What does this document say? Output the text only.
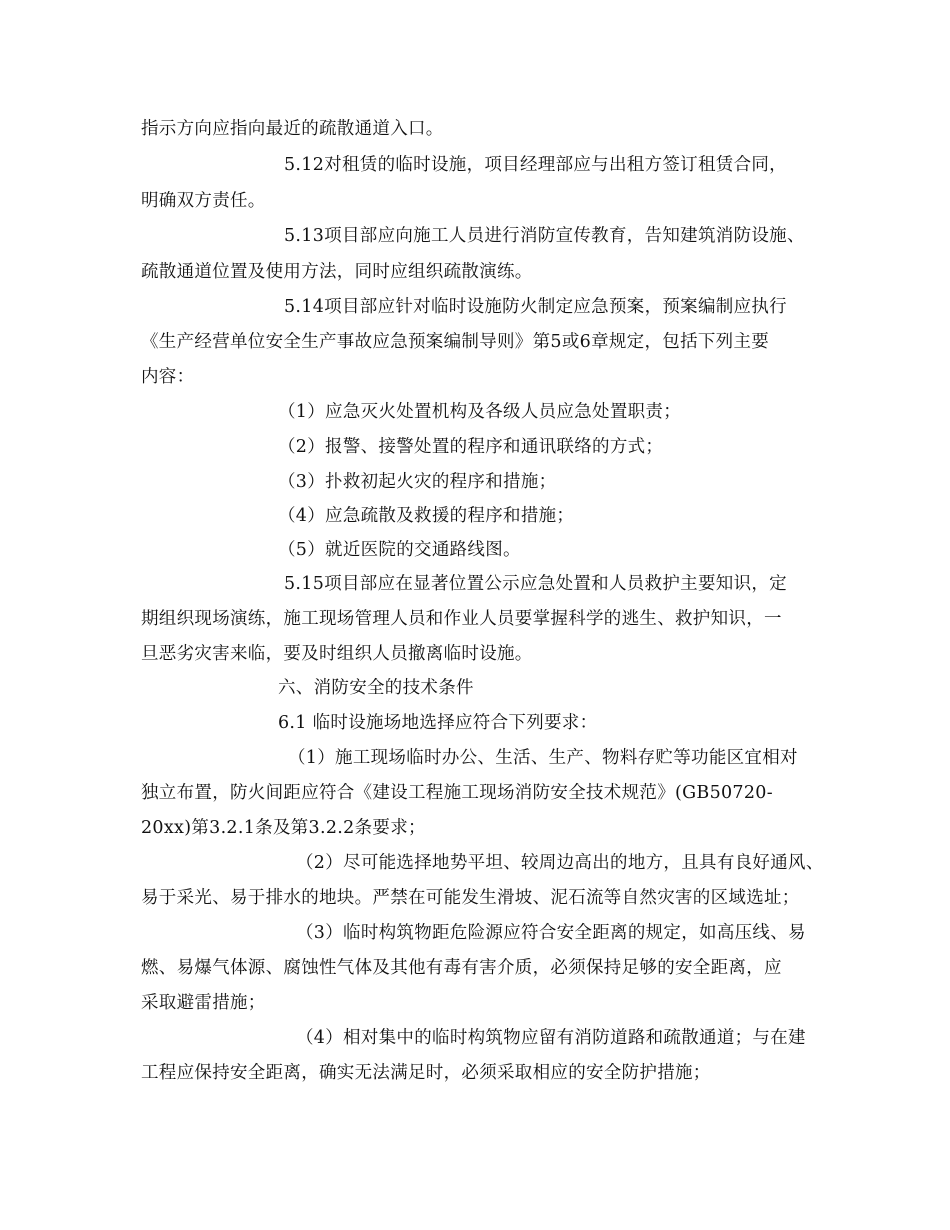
指示方向应指向最近的疏散通道入口。

5.12对租赁的临时设施，项目经理部应与出租方签订租赁合同，

明确双方责任。

5.13项目部应向施工人员进行消防宣传教育，告知建筑消防设施、

疏散通道位置及使用方法，同时应组织疏散演练。

5.14项目部应针对临时设施防火制定应急预案，预案编制应执行

《生产经营单位安全生产事故应急预案编制导则》第5或6章规定，包括下列主要

内容：

（1）应急灭火处置机构及各级人员应急处置职责；

（2）报警、接警处置的程序和通讯联络的方式；

（3）扑救初起火灾的程序和措施；

（4）应急疏散及救援的程序和措施；

（5）就近医院的交通路线图。

5.15项目部应在显著位置公示应急处置和人员救护主要知识，定

期组织现场演练，施工现场管理人员和作业人员要掌握科学的逃生、救护知识，一

旦恶劣灾害来临，要及时组织人员撤离临时设施。

六、消防安全的技术条件

6.1 临时设施场地选择应符合下列要求：

（1）施工现场临时办公、生活、生产、物料存贮等功能区宜相对

独立布置，防火间距应符合《建设工程施工现场消防安全技术规范》(GB50720-

20xx)第3.2.1条及第3.2.2条要求；

（2）尽可能选择地势平坦、较周边高出的地方，且具有良好通风、

易于采光、易于排水的地块。严禁在可能发生滑坡、泥石流等自然灾害的区域选址；

（3）临时构筑物距危险源应符合安全距离的规定，如高压线、易

燃、易爆气体源、腐蚀性气体及其他有毒有害介质，必须保持足够的安全距离，应

采取避雷措施；

（4）相对集中的临时构筑物应留有消防道路和疏散通道；与在建

工程应保持安全距离，确实无法满足时，必须采取相应的安全防护措施；
